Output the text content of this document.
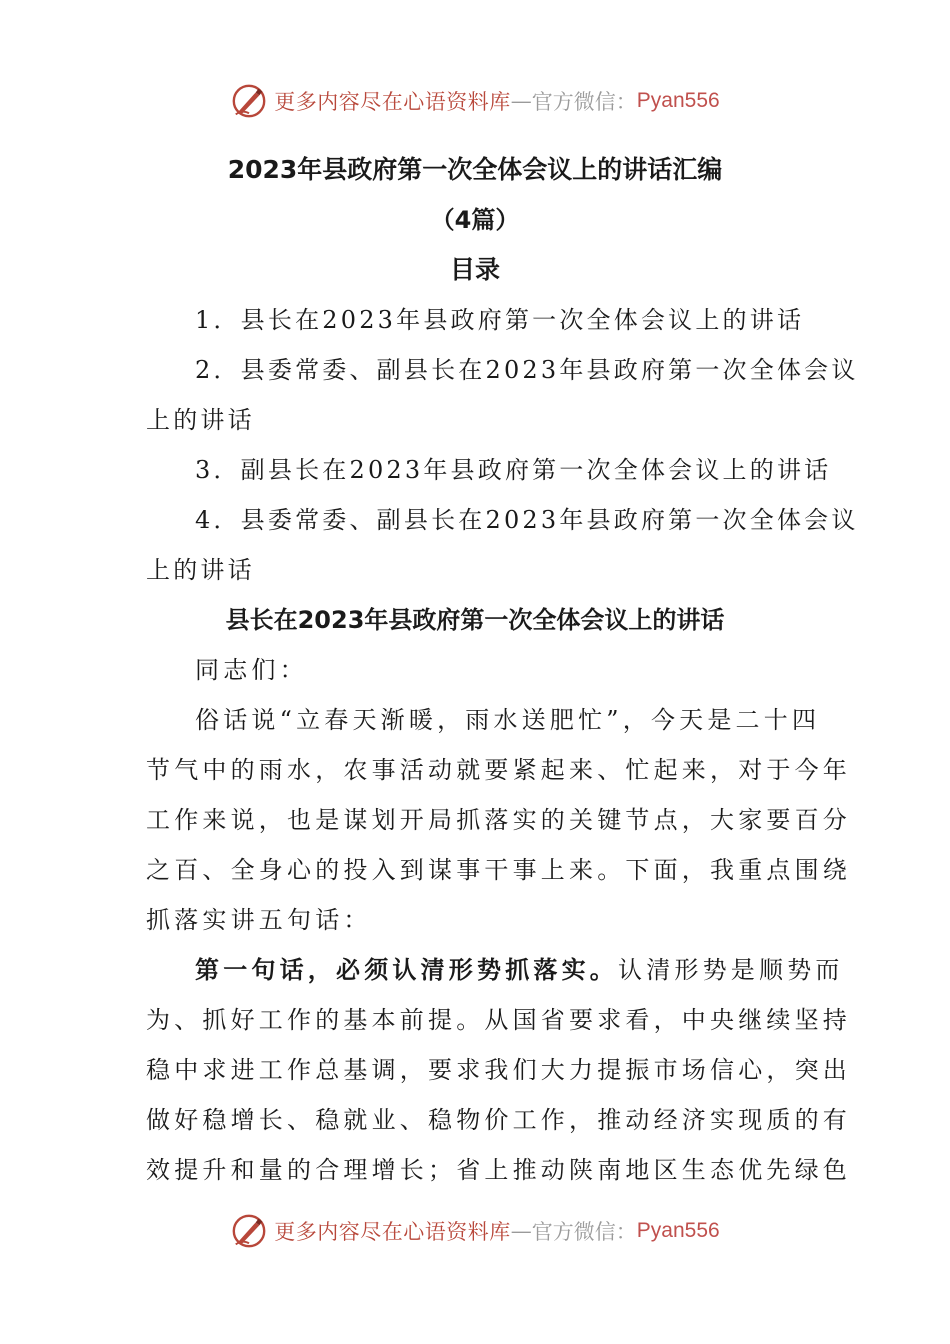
更多内容尽在心语资料库 — 官方微信： Pyan556
2023年县政府第一次全体会议上的讲话汇编
（4篇）
目录
1．县长在2023年县政府第一次全体会议上的讲话
2．县委常委、副县长在2023年县政府第一次全体会议
上的讲话
3．副县长在2023年县政府第一次全体会议上的讲话
4．县委常委、副县长在2023年县政府第一次全体会议
上的讲话
县长在2023年县政府第一次全体会议上的讲话
同志们：
俗话说“立春天渐暖，雨水送肥忙”，今天是二十四
节气中的雨水，农事活动就要紧起来、忙起来，对于今年
工作来说，也是谋划开局抓落实的关键节点，大家要百分
之百、全身心的投入到谋事干事上来。下面，我重点围绕
抓落实讲五句话：
第一句话，必须认清形势抓落实。认清形势是顺势而
为、抓好工作的基本前提。从国省要求看，中央继续坚持
稳中求进工作总基调，要求我们大力提振市场信心，突出
做好稳增长、稳就业、稳物价工作，推动经济实现质的有
效提升和量的合理增长；省上推动陕南地区生态优先绿色
更多内容尽在心语资料库 — 官方微信： Pyan556
